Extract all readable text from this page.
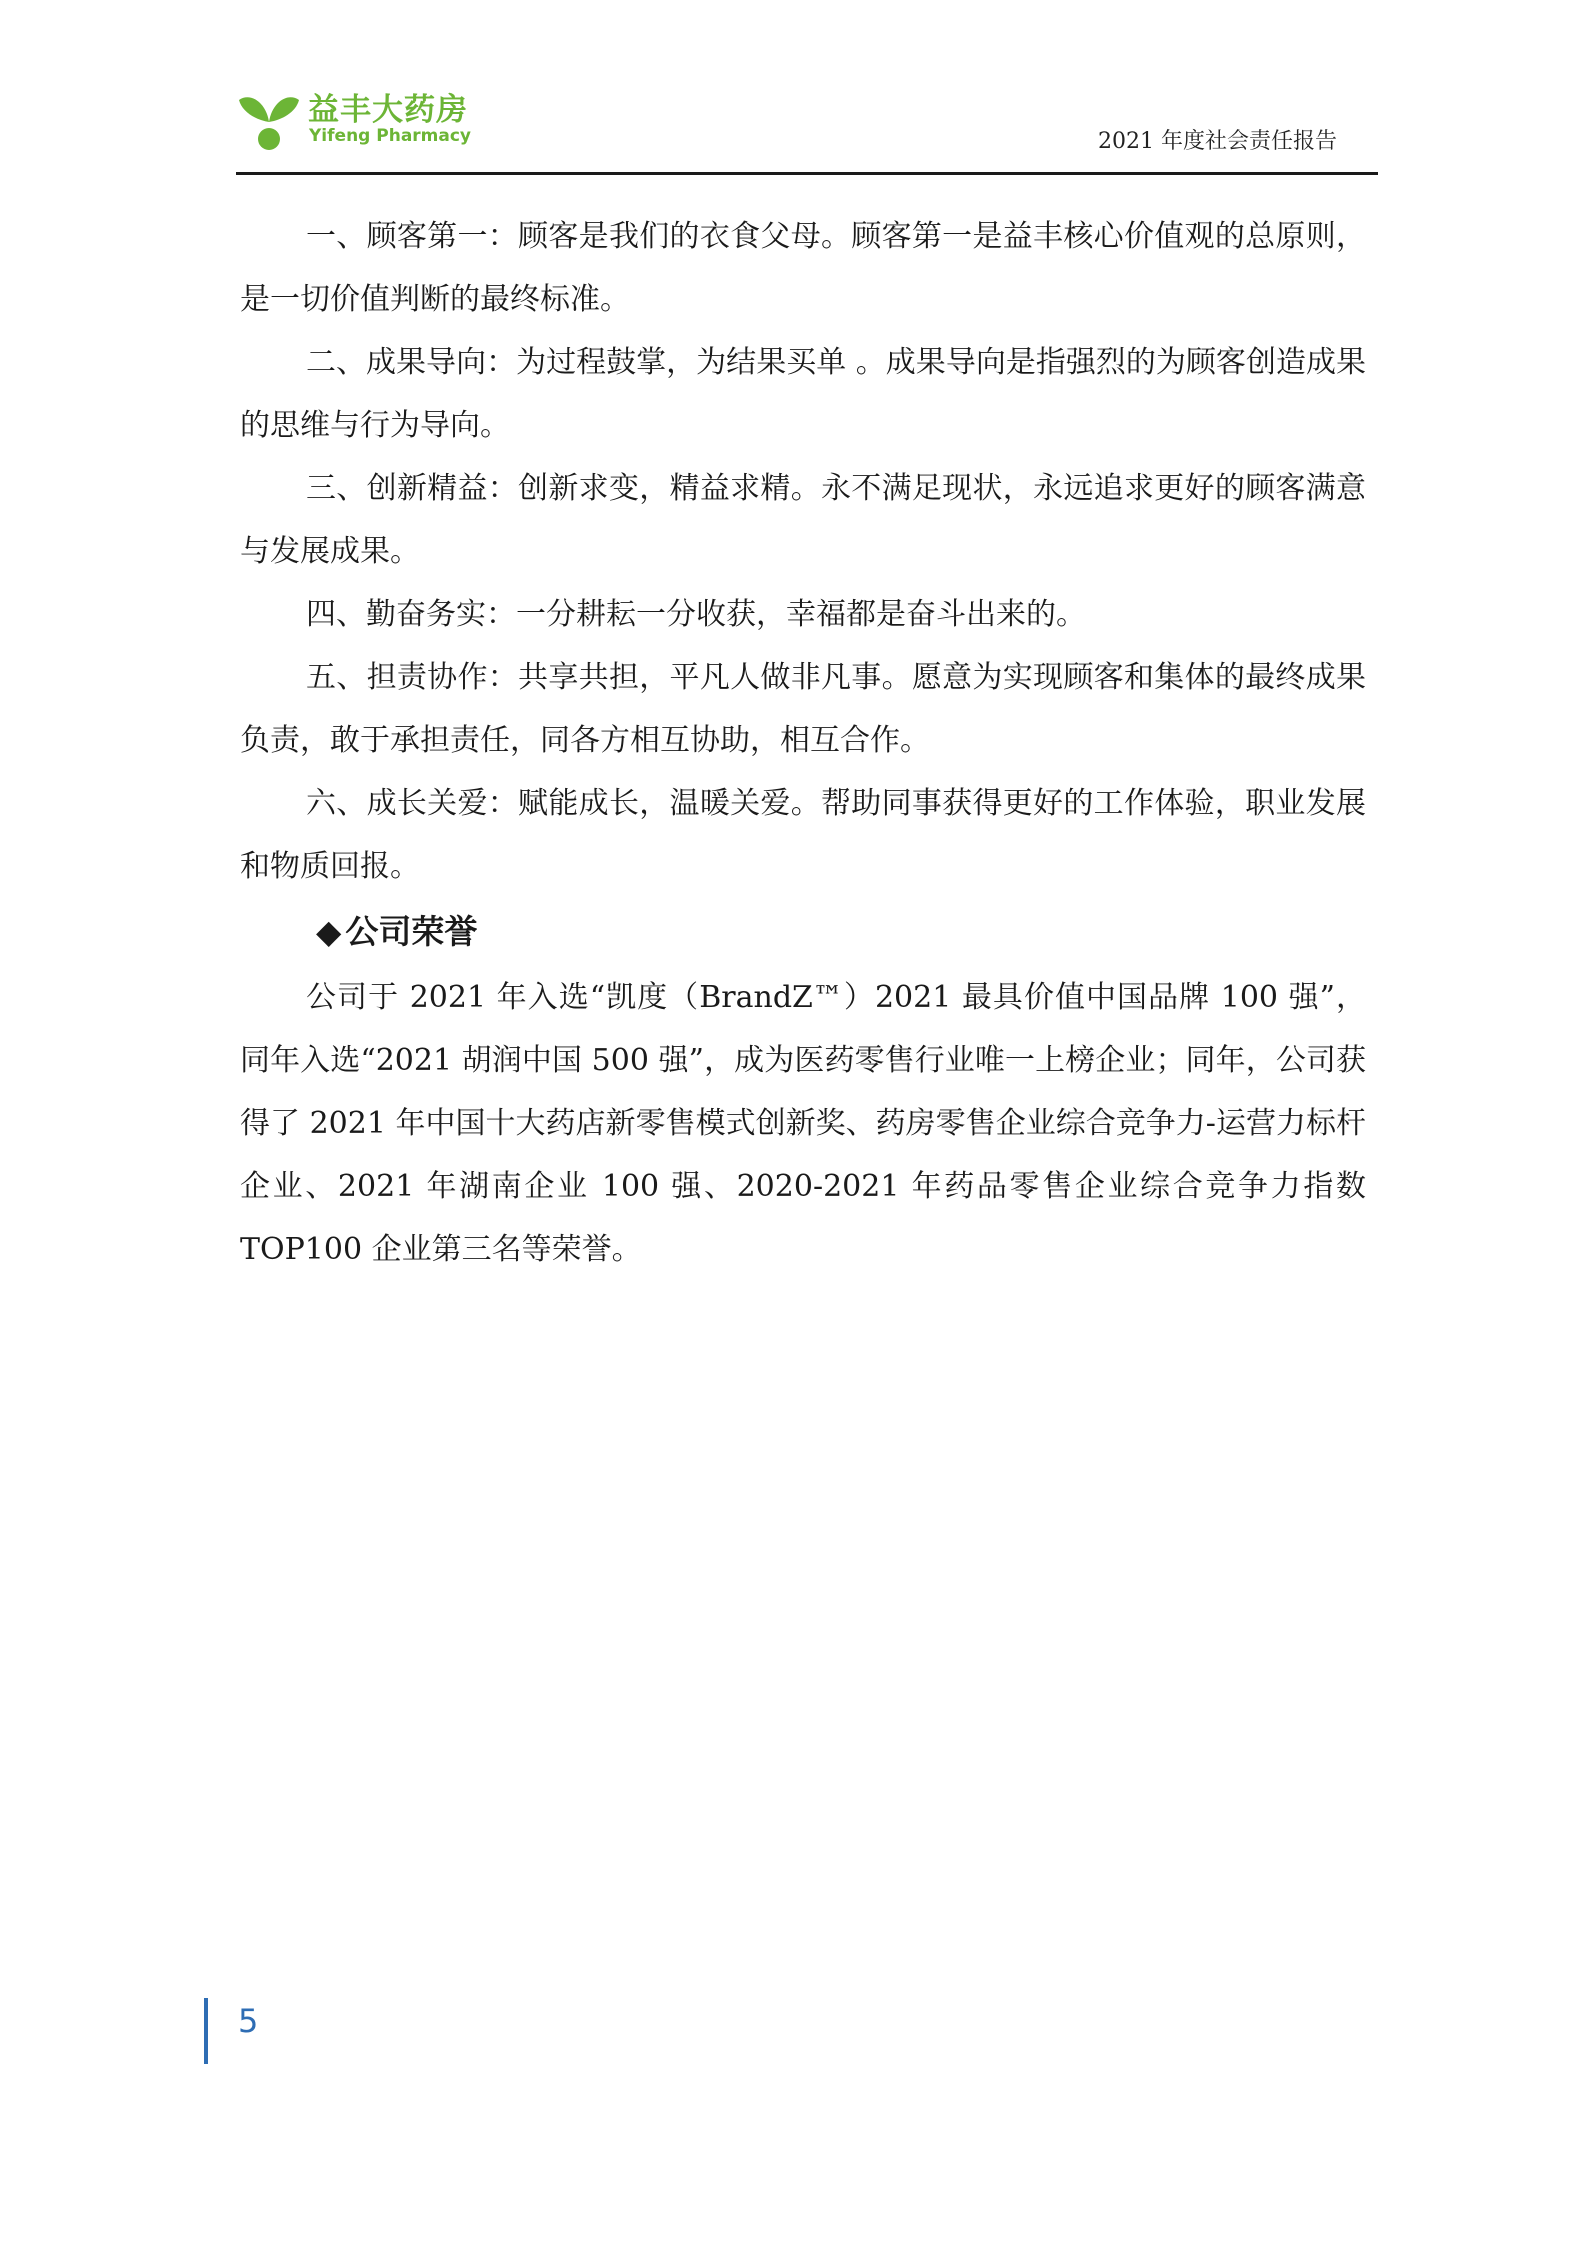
益丰大药房
Yifeng Pharmacy	2021 年度社会责任报告

一、顾客第一：顾客是我们的衣食父母。顾客第一是益丰核心价值观的总原则，是一切价值判断的最终标准。

二、成果导向：为过程鼓掌，为结果买单 。成果导向是指强烈的为顾客创造成果的思维与行为导向。

三、创新精益：创新求变，精益求精。永不满足现状，永远追求更好的顾客满意与发展成果。

四、勤奋务实：一分耕耘一分收获，幸福都是奋斗出来的。

五、担责协作：共享共担，平凡人做非凡事。愿意为实现顾客和集体的最终成果负责，敢于承担责任，同各方相互协助，相互合作。

六、成长关爱：赋能成长，温暖关爱。帮助同事获得更好的工作体验，职业发展和物质回报。

◆ 公司荣誉

公司于 2021 年入选“凯度（BrandZ™）2021 最具价值中国品牌 100 强”，同年入选“2021 胡润中国 500 强”，成为医药零售行业唯一上榜企业；同年，公司获得了 2021 年中国十大药店新零售模式创新奖、药房零售企业综合竞争力-运营力标杆企业、2021 年湖南企业 100 强、2020-2021 年药品零售企业综合竞争力指数 TOP100 企业第三名等荣誉。

5
